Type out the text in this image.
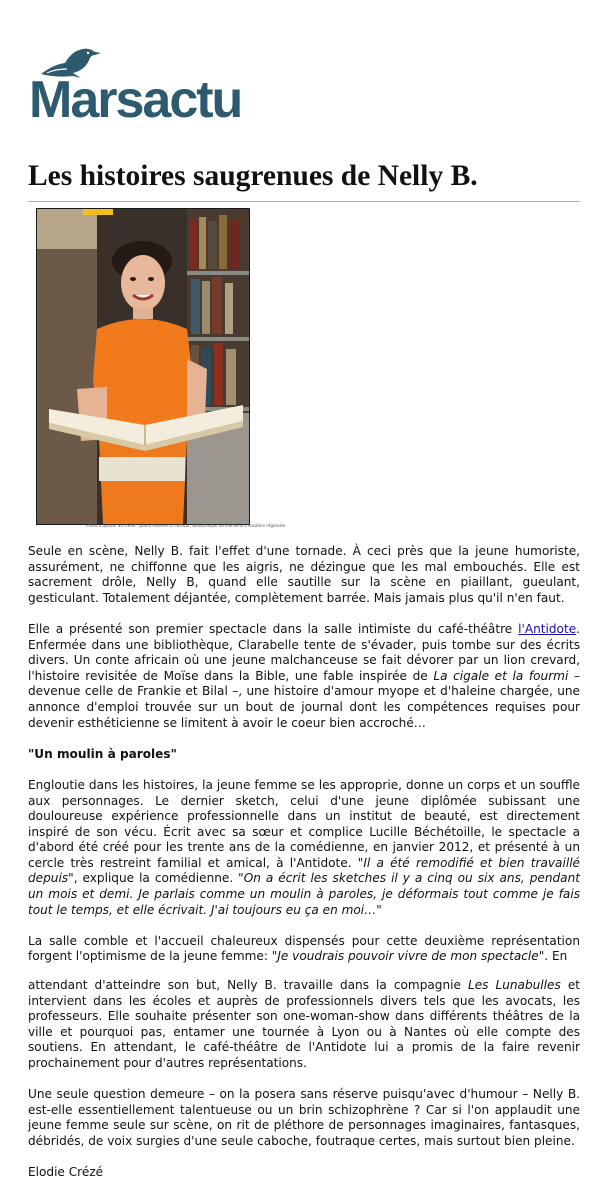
Marsactu
Les histoires saugrenues de Nelly B.
Photo à ajouter au crédit : photo réalisée à l'Alcazar, Bibliothèque de Marseille à vocation régionale

Seule en scène, Nelly B. fait l'effet d'une tornade. À ceci près que la jeune humoriste, assurément, ne chiffonne que les aigris, ne dézingue que les mal embouchés. Elle est sacrement drôle, Nelly B, quand elle sautille sur la scène en piaillant, gueulant, gesticulant. Totalement déjantée, complètement barrée. Mais jamais plus qu'il n'en faut.

Elle a présenté son premier spectacle dans la salle intimiste du café-théâtre l'Antidote. Enfermée dans une bibliothèque, Clarabelle tente de s'évader, puis tombe sur des écrits divers. Un conte africain où une jeune malchanceuse se fait dévorer par un lion crevard, l'histoire revisitée de Moïse dans la Bible, une fable inspirée de La cigale et la fourmi – devenue celle de Frankie et Bilal –, une histoire d'amour myope et d'haleine chargée, une annonce d'emploi trouvée sur un bout de journal dont les compétences requises pour devenir esthéticienne se limitent à avoir le coeur bien accroché…

"Un moulin à paroles"

Engloutie dans les histoires, la jeune femme se les approprie, donne un corps et un souffle aux personnages. Le dernier sketch, celui d'une jeune diplômée subissant une douloureuse expérience professionnelle dans un institut de beauté, est directement inspiré de son vécu. Écrit avec sa sœur et complice Lucille Béchétoille, le spectacle a d'abord été créé pour les trente ans de la comédienne, en janvier 2012, et présenté à un cercle très restreint familial et amical, à l'Antidote. "Il a été remodifié et bien travaillé depuis", explique la comédienne. "On a écrit les sketches il y a cinq ou six ans, pendant un mois et demi. Je parlais comme un moulin à paroles, je déformais tout comme je fais tout le temps, et elle écrivait. J'ai toujours eu ça en moi…"

La salle comble et l'accueil chaleureux dispensés pour cette deuxième représentation forgent l'optimisme de la jeune femme: "Je voudrais pouvoir vivre de mon spectacle". En

attendant d'atteindre son but, Nelly B. travaille dans la compagnie Les Lunabulles et intervient dans les écoles et auprès de professionnels divers tels que les avocats, les professeurs. Elle souhaite présenter son one-woman-show dans différents théâtres de la ville et pourquoi pas, entamer une tournée à Lyon ou à Nantes où elle compte des soutiens. En attendant, le café-théâtre de l'Antidote lui a promis de la faire revenir prochainement pour d'autres représentations.

Une seule question demeure – on la posera sans réserve puisqu'avec d'humour – Nelly B. est-elle essentiellement talentueuse ou un brin schizophrène ? Car si l'on applaudit une jeune femme seule sur scène, on rit de pléthore de personnages imaginaires, fantasques, débridés, de voix surgies d'une seule caboche, foutraque certes, mais surtout bien pleine.

Elodie Crézé
